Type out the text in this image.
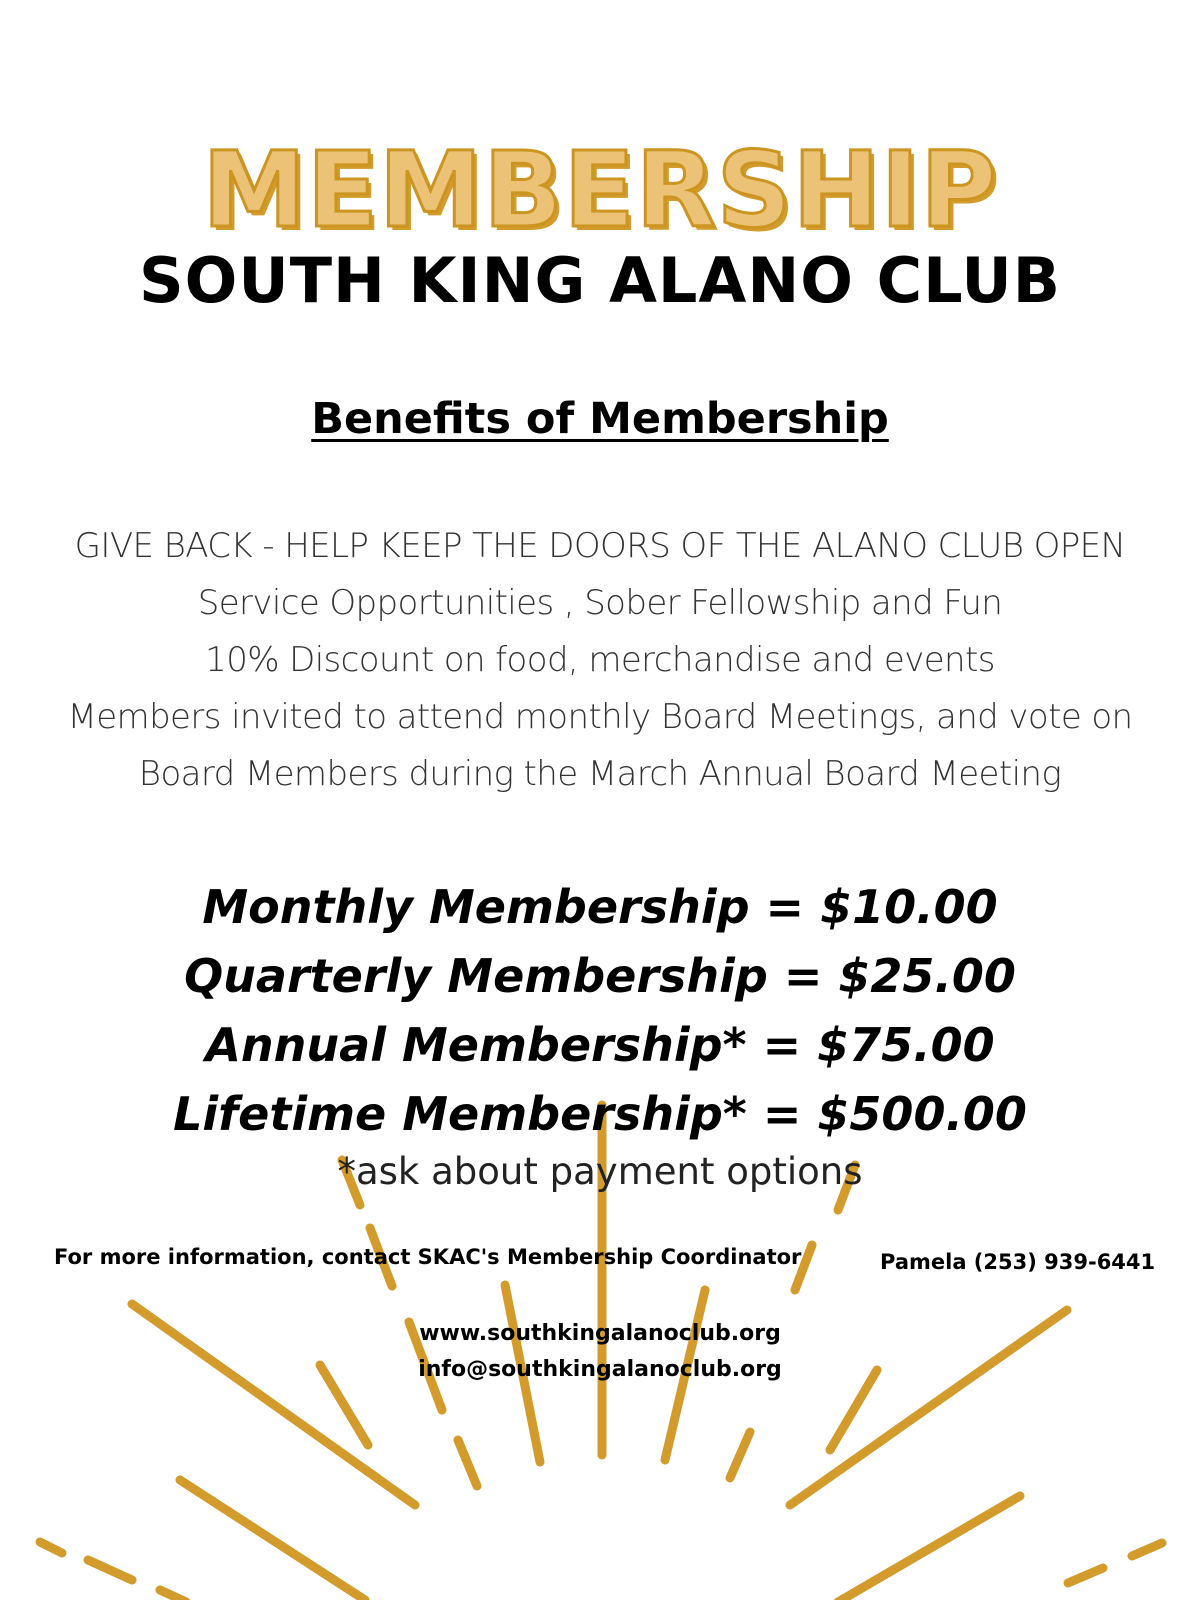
MEMBERSHIP
SOUTH KING ALANO CLUB
Benefits of Membership
GIVE BACK - HELP KEEP THE DOORS OF THE ALANO CLUB OPEN
Service Opportunities , Sober Fellowship and Fun
10% Discount on food, merchandise and events
Members invited to attend monthly Board Meetings, and vote on
Board Members during the March Annual Board Meeting
Monthly Membership = $10.00
Quarterly Membership = $25.00
Annual Membership* = $75.00
Lifetime Membership* = $500.00
*ask about payment options
For more information, contact SKAC's Membership Coordinator	Pamela (253) 939-6441
www.southkingalanoclub.org
info@southkingalanoclub.org
